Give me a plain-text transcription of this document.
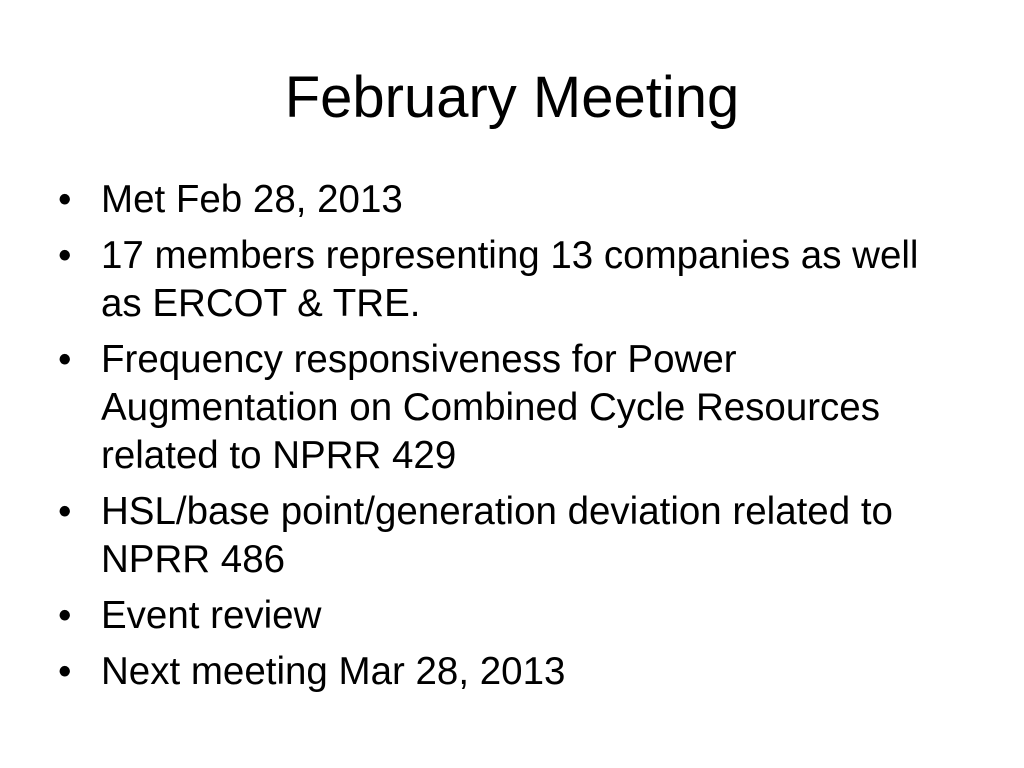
February Meeting
• Met Feb 28, 2013
• 17 members representing 13 companies as well as ERCOT & TRE.
• Frequency responsiveness for Power Augmentation on Combined Cycle Resources related to NPRR 429
• HSL/base point/generation deviation related to NPRR 486
• Event review
• Next meeting Mar 28, 2013
